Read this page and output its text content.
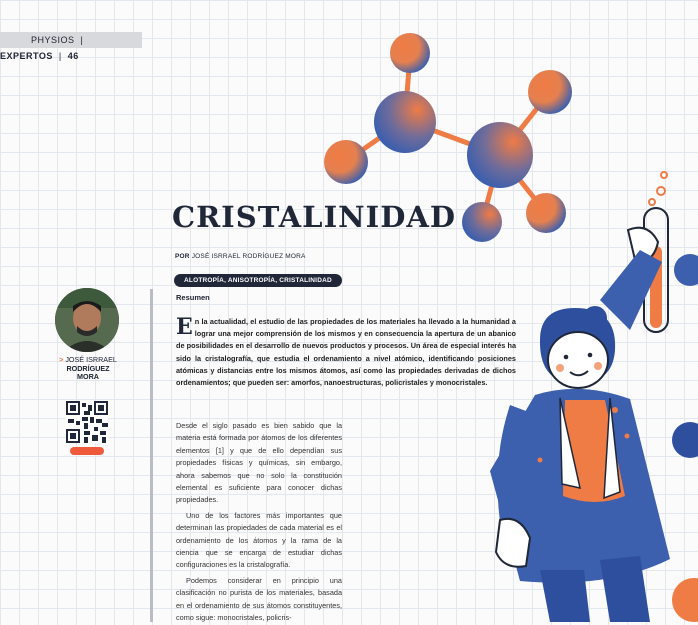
PHYSIOS  |  EXPERTOS  |  46
CRISTALINIDAD
POR JOSÉ ISRRAEL RODRÍGUEZ MORA
ALOTROPÍA, ANISOTROPÍA, CRISTALINIDAD
Resumen

En la actualidad, el estudio de las propiedades de los materiales ha llevado a la humanidad a lograr una mejor comprensión de los mismos y en consecuencia la apertura de un abanico de posibilidades en el desarrollo de nuevos productos y procesos. Un área de especial interés ha sido la cristalografía, que estudia el ordenamiento a nivel atómico, identificando posiciones atómicas y distancias entre los mismos átomos, así como las propiedades derivadas de dichos ordenamientos; que pueden ser: amorfos, nanoestructuras, policristales y monocristales.

Desde el siglo pasado es bien sabido que la materia está formada por átomos de los diferentes elementos [1] y que de ello dependían sus propiedades físicas y químicas, sin embargo, ahora sabemos que no solo la constitución elemental es suficiente para conocer dichas propiedades.

Uno de los factores más importantes que determinan las propiedades de cada material es el ordenamiento de los átomos y la rama de la ciencia que se encarga de estudiar dichas configuraciones es la cristalografía.

Podemos considerar en principio una clasificación no purista de los materiales, basada en el ordenamiento de sus átomos constituyentes, como sigue: monocristales, policris-

> JOSÉ ISRRAEL
RODRÍGUEZ
MORA
